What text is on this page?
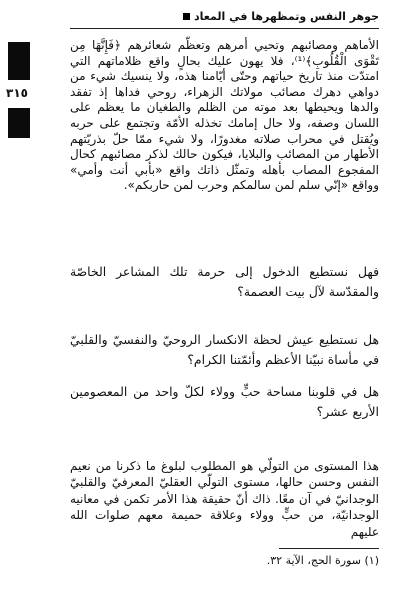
جوهر النفس وتمظهرها في المعاد
٣١٥

الأماهم ومصائبهم وتحيي أمرهم وتعظّم شعائرهم ﴿فَإِنَّهَا مِن تَقْوَى الْقُلُوبِ﴾⁽¹⁾، فلا يهون عليك بحالٍ واقع ظلاماتهم التي امتدّت منذ تاريخ حياتهم وحتّى أيّامنا هذه، ولا ينسيك شيء من دواهي دهرك مصائب مولاتك الزهراء، روحي فداها إذ تفقد والدها ويحيطها بعد موته من الظلم والطغيان ما يعظم على اللسان وصفه، ولا حال إمامك تخذله الأمّة وتجتمع على حربه ويُقتل في محراب صلاته مغدورًا، ولا شيء ممّا حلّ بذريّتهم الأطهار من المصائب والبلايا، فيكون حالك لذكر مصائبهم كحال المفجوع المصاب بأهله وتمثّل ذاتك واقع «بأبي أنت وأمي» وواقع «إنّي سلم لمن سالمكم وحرب لمن حاربكم».

فهل نستطيع الدخول إلى حرمة تلك المشاعر الخاصّة والمقدّسة لآل بيت العصمة؟
هل نستطيع عيش لحظة الانكسار الروحيّ والنفسيّ والقلبيّ في مأساة نبيّنا الأعظم وأئمّتنا الكرام؟
هل في قلوبنا مساحة حبٍّ وولاء لكلّ واحد من المعصومين الأربع عشر؟
هذا المستوى من التولّي هو المطلوب لبلوغ ما ذكرنا من نعيم النفس وحسن حالها، مستوى التولّي العقليّ المعرفيّ والقلبيّ الوجدانيّ في آن معًا. ذاك أنّ حقيقة هذا الأمر تكمن في معانيه الوجدانيّة، من حبٍّ وولاء وعلاقة حميمة معهم صلوات الله عليهم
(١) سورة الحج، الآية ٣٢.
